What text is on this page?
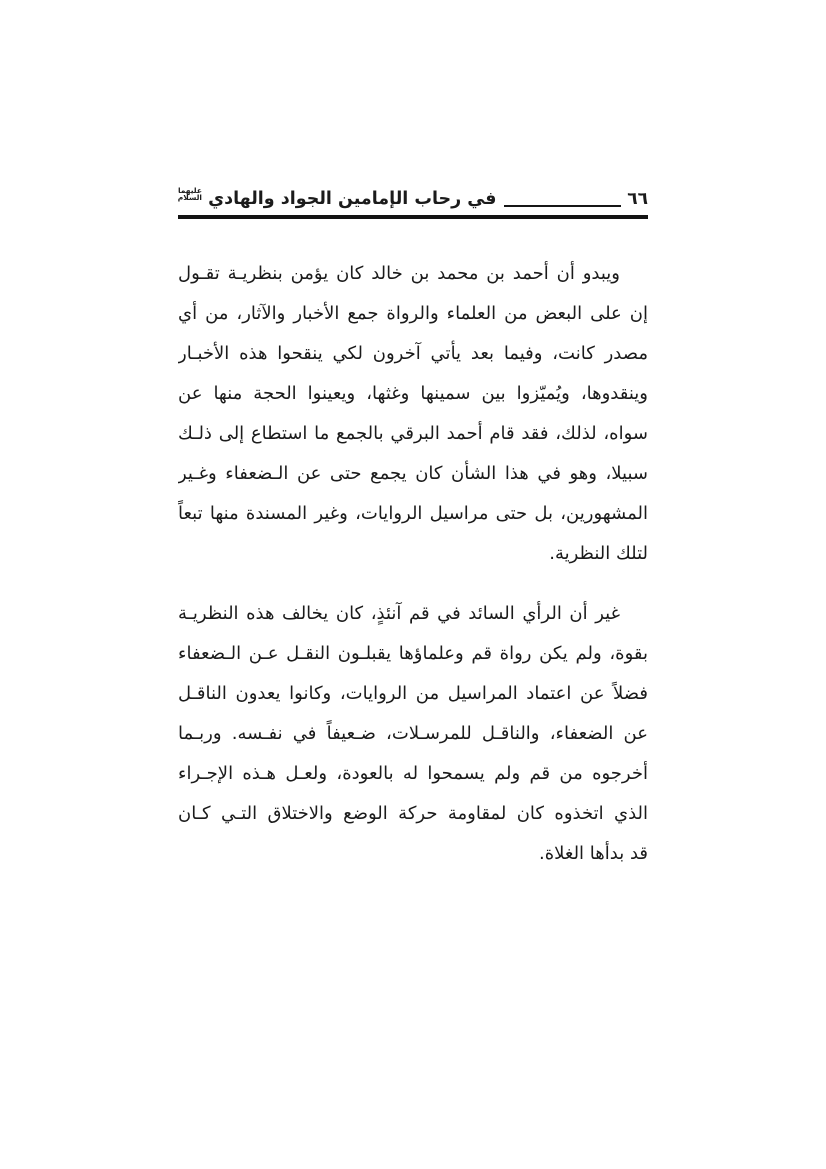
في رحاب الإمامين الجواد والهادي عليهما السلام	٦٦
ويبدو أن أحمد بن محمد بن خالد كان يؤمن بنظريـة تقـول
إن على البعض من العلماء والرواة جمع الأخبار والآثار، من أي
مصدر كانت، وفيما بعد يأتي آخرون لكي ينقحوا هذه الأخبـار
وينقدوها، ويُميّزوا بين سمينها وغثها، ويعينوا الحجة منها عن
سواه، لذلك، فقد قام أحمد البرقي بالجمع ما استطاع إلى ذلـك
سبيلا، وهو في هذا الشأن كان يجمع حتى عن الـضعفاء وغـير
المشهورين، بل حتى مراسيل الروايات، وغير المسندة منها تبعاً
لتلك النظرية.
غير أن الرأي السائد في قم آنئذٍ، كان يخالف هذه النظريـة
بقوة، ولم يكن رواة قم وعلماؤها يقبلـون النقـل عـن الـضعفاء
فضلاً عن اعتماد المراسيل من الروايات، وكانوا يعدون الناقـل
عن الضعفاء، والناقـل للمرسـلات، ضـعيفاً في نفـسه. وربـما
أخرجوه من قم ولم يسمحوا له بالعودة، ولعـل هـذه الإجـراء
الذي اتخذوه كان لمقاومة حركة الوضع والاختلاق التـي كـان
قد بدأها الغلاة.
